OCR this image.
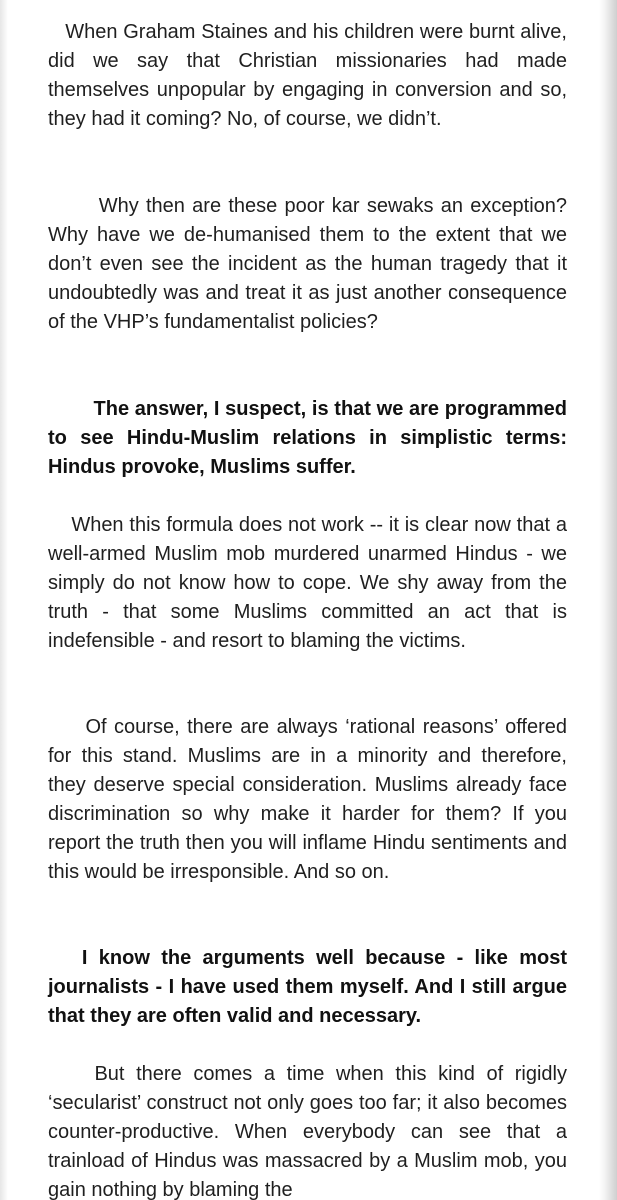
When Graham Staines and his children were burnt alive, did we say that Christian missionaries had made themselves unpopular by engaging in conversion and so, they had it coming? No, of course, we didn’t.

Why then are these poor kar sewaks an exception? Why have we de-humanised them to the extent that we don’t even see the incident as the human tragedy that it undoubtedly was and treat it as just another consequence of the VHP’s fundamentalist policies?

The answer, I suspect, is that we are programmed to see Hindu-Muslim relations in simplistic terms: Hindus provoke, Muslims suffer.

When this formula does not work -- it is clear now that a well-armed Muslim mob murdered unarmed Hindus - we simply do not know how to cope. We shy away from the truth - that some Muslims committed an act that is indefensible - and resort to blaming the victims.

Of course, there are always ‘rational reasons’ offered for this stand. Muslims are in a minority and therefore, they deserve special consideration. Muslims already face discrimination so why make it harder for them? If you report the truth then you will inflame Hindu sentiments and this would be irresponsible. And so on.

I know the arguments well because - like most journalists - I have used them myself. And I still argue that they are often valid and necessary.

But there comes a time when this kind of rigidly ‘secularist’ construct not only goes too far; it also becomes counter-productive. When everybody can see that a trainload of Hindus was massacred by a Muslim mob, you gain nothing by blaming the
